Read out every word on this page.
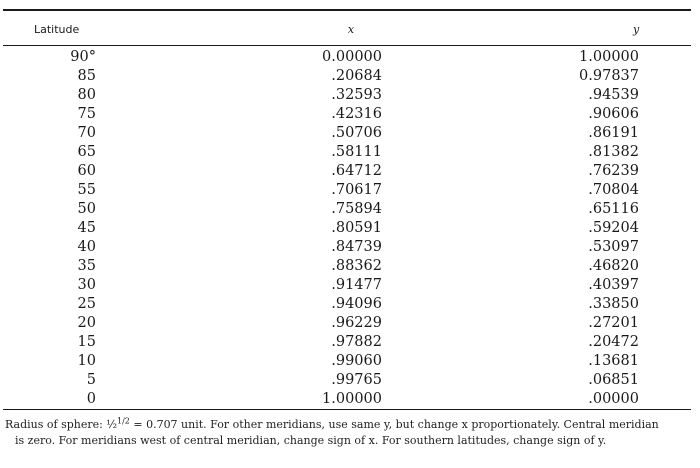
Latitude	x	y
90°	0.00000	1.00000
85	.20684	0.97837
80	.32593	.94539
75	.42316	.90606
70	.50706	.86191
65	.58111	.81382
60	.64712	.76239
55	.70617	.70804
50	.75894	.65116
45	.80591	.59204
40	.84739	.53097
35	.88362	.46820
30	.91477	.40397
25	.94096	.33850
20	.96229	.27201
15	.97882	.20472
10	.99060	.13681
5	.99765	.06851
0	1.00000	.00000
Radius of sphere: ½$^{1/2}$ = 0.707 unit. For other meridians, use same y, but change x proportionately. Central meridian
is zero. For meridians west of central meridian, change sign of x. For southern latitudes, change sign of y.
